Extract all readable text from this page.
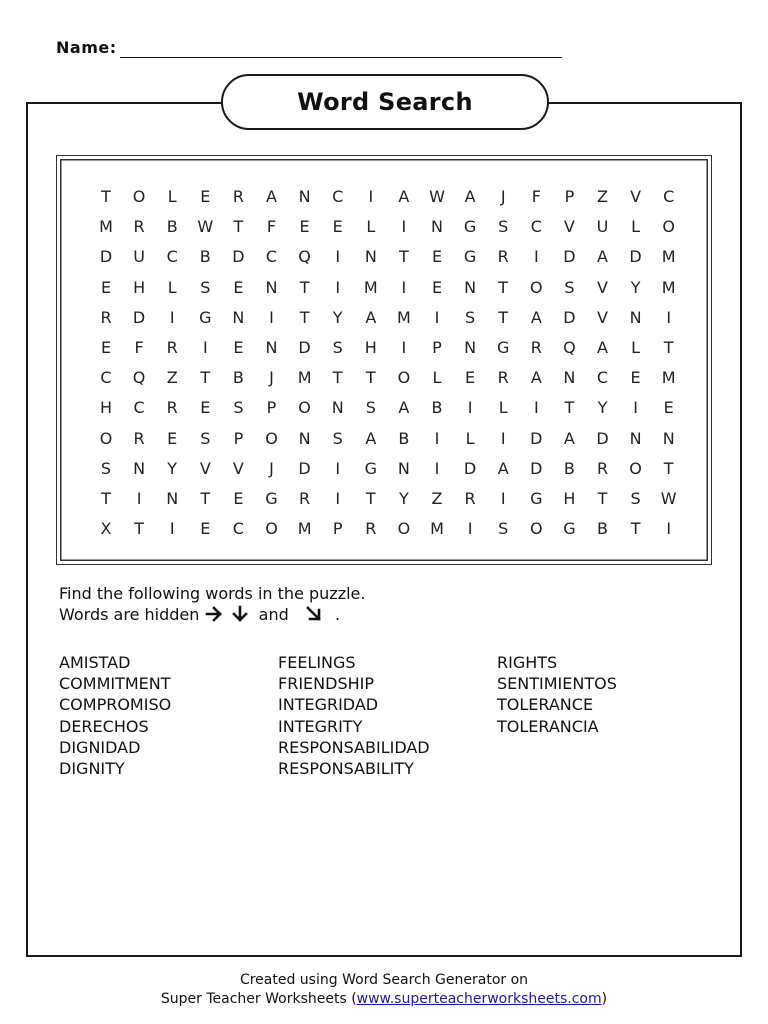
Name:
Word Search
T	O	L	E	R	A	N	C	I	A	W	A	J	F	P	Z	V	C
M	R	B	W	T	F	E	E	L	I	N	G	S	C	V	U	L	O
D	U	C	B	D	C	Q	I	N	T	E	G	R	I	D	A	D	M
E	H	L	S	E	N	T	I	M	I	E	N	T	O	S	V	Y	M
R	D	I	G	N	I	T	Y	A	M	I	S	T	A	D	V	N	I
E	F	R	I	E	N	D	S	H	I	P	N	G	R	Q	A	L	T
C	Q	Z	T	B	J	M	T	T	O	L	E	R	A	N	C	E	M
H	C	R	E	S	P	O	N	S	A	B	I	L	I	T	Y	I	E
O	R	E	S	P	O	N	S	A	B	I	L	I	D	A	D	N	N
S	N	Y	V	V	J	D	I	G	N	I	D	A	D	B	R	O	T
T	I	N	T	E	G	R	I	T	Y	Z	R	I	G	H	T	S	W
X	T	I	E	C	O	M	P	R	O	M	I	S	O	G	B	T	I
Find the following words in the puzzle.
Words are hidden	and	.
AMISTAD
COMMITMENT
COMPROMISO
DERECHOS
DIGNIDAD
DIGNITY
FEELINGS
FRIENDSHIP
INTEGRIDAD
INTEGRITY
RESPONSABILIDAD
RESPONSABILITY
RIGHTS
SENTIMIENTOS
TOLERANCE
TOLERANCIA
Created using Word Search Generator on
Super Teacher Worksheets (www.superteacherworksheets.com)
